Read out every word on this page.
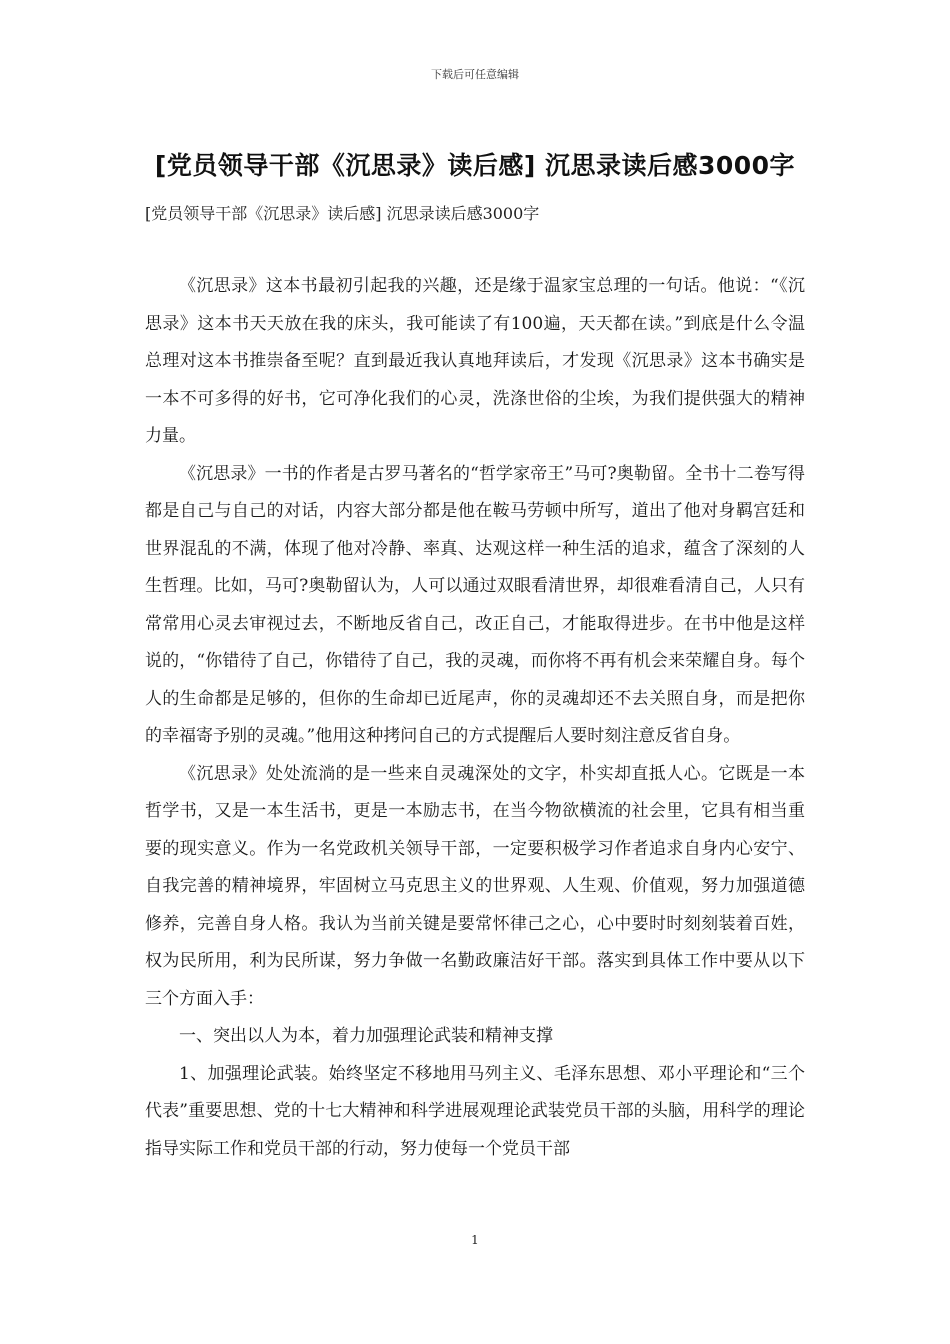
下载后可任意编辑
[党员领导干部《沉思录》读后感] 沉思录读后感3000字
[党员领导干部《沉思录》读后感] 沉思录读后感3000字

《沉思录》这本书最初引起我的兴趣，还是缘于温家宝总理的一句话。他说：“《沉思录》这本书天天放在我的床头，我可能读了有100遍，天天都在读。”到底是什么令温总理对这本书推崇备至呢？直到最近我认真地拜读后，才发现《沉思录》这本书确实是一本不可多得的好书，它可净化我们的心灵，洗涤世俗的尘埃，为我们提供强大的精神力量。

《沉思录》一书的作者是古罗马著名的“哲学家帝王”马可?奥勒留。全书十二卷写得都是自己与自己的对话，内容大部分都是他在鞍马劳顿中所写，道出了他对身羁宫廷和世界混乱的不满，体现了他对冷静、率真、达观这样一种生活的追求，蕴含了深刻的人生哲理。比如，马可?奥勒留认为，人可以通过双眼看清世界，却很难看清自己，人只有常常用心灵去审视过去，不断地反省自己，改正自己，才能取得进步。在书中他是这样说的，“你错待了自己，你错待了自己，我的灵魂，而你将不再有机会来荣耀自身。每个人的生命都是足够的，但你的生命却已近尾声，你的灵魂却还不去关照自身，而是把你的幸福寄予别的灵魂。”他用这种拷问自己的方式提醒后人要时刻注意反省自身。

《沉思录》处处流淌的是一些来自灵魂深处的文字，朴实却直抵人心。它既是一本哲学书，又是一本生活书，更是一本励志书，在当今物欲横流的社会里，它具有相当重要的现实意义。作为一名党政机关领导干部，一定要积极学习作者追求自身内心安宁、自我完善的精神境界，牢固树立马克思主义的世界观、人生观、价值观，努力加强道德修养，完善自身人格。我认为当前关键是要常怀律己之心，心中要时时刻刻装着百姓，权为民所用，利为民所谋，努力争做一名勤政廉洁好干部。落实到具体工作中要从以下三个方面入手：

一、突出以人为本，着力加强理论武装和精神支撑

1、加强理论武装。始终坚定不移地用马列主义、毛泽东思想、邓小平理论和“三个代表”重要思想、党的十七大精神和科学进展观理论武装党员干部的头脑，用科学的理论指导实际工作和党员干部的行动，努力使每一个党员干部

1
